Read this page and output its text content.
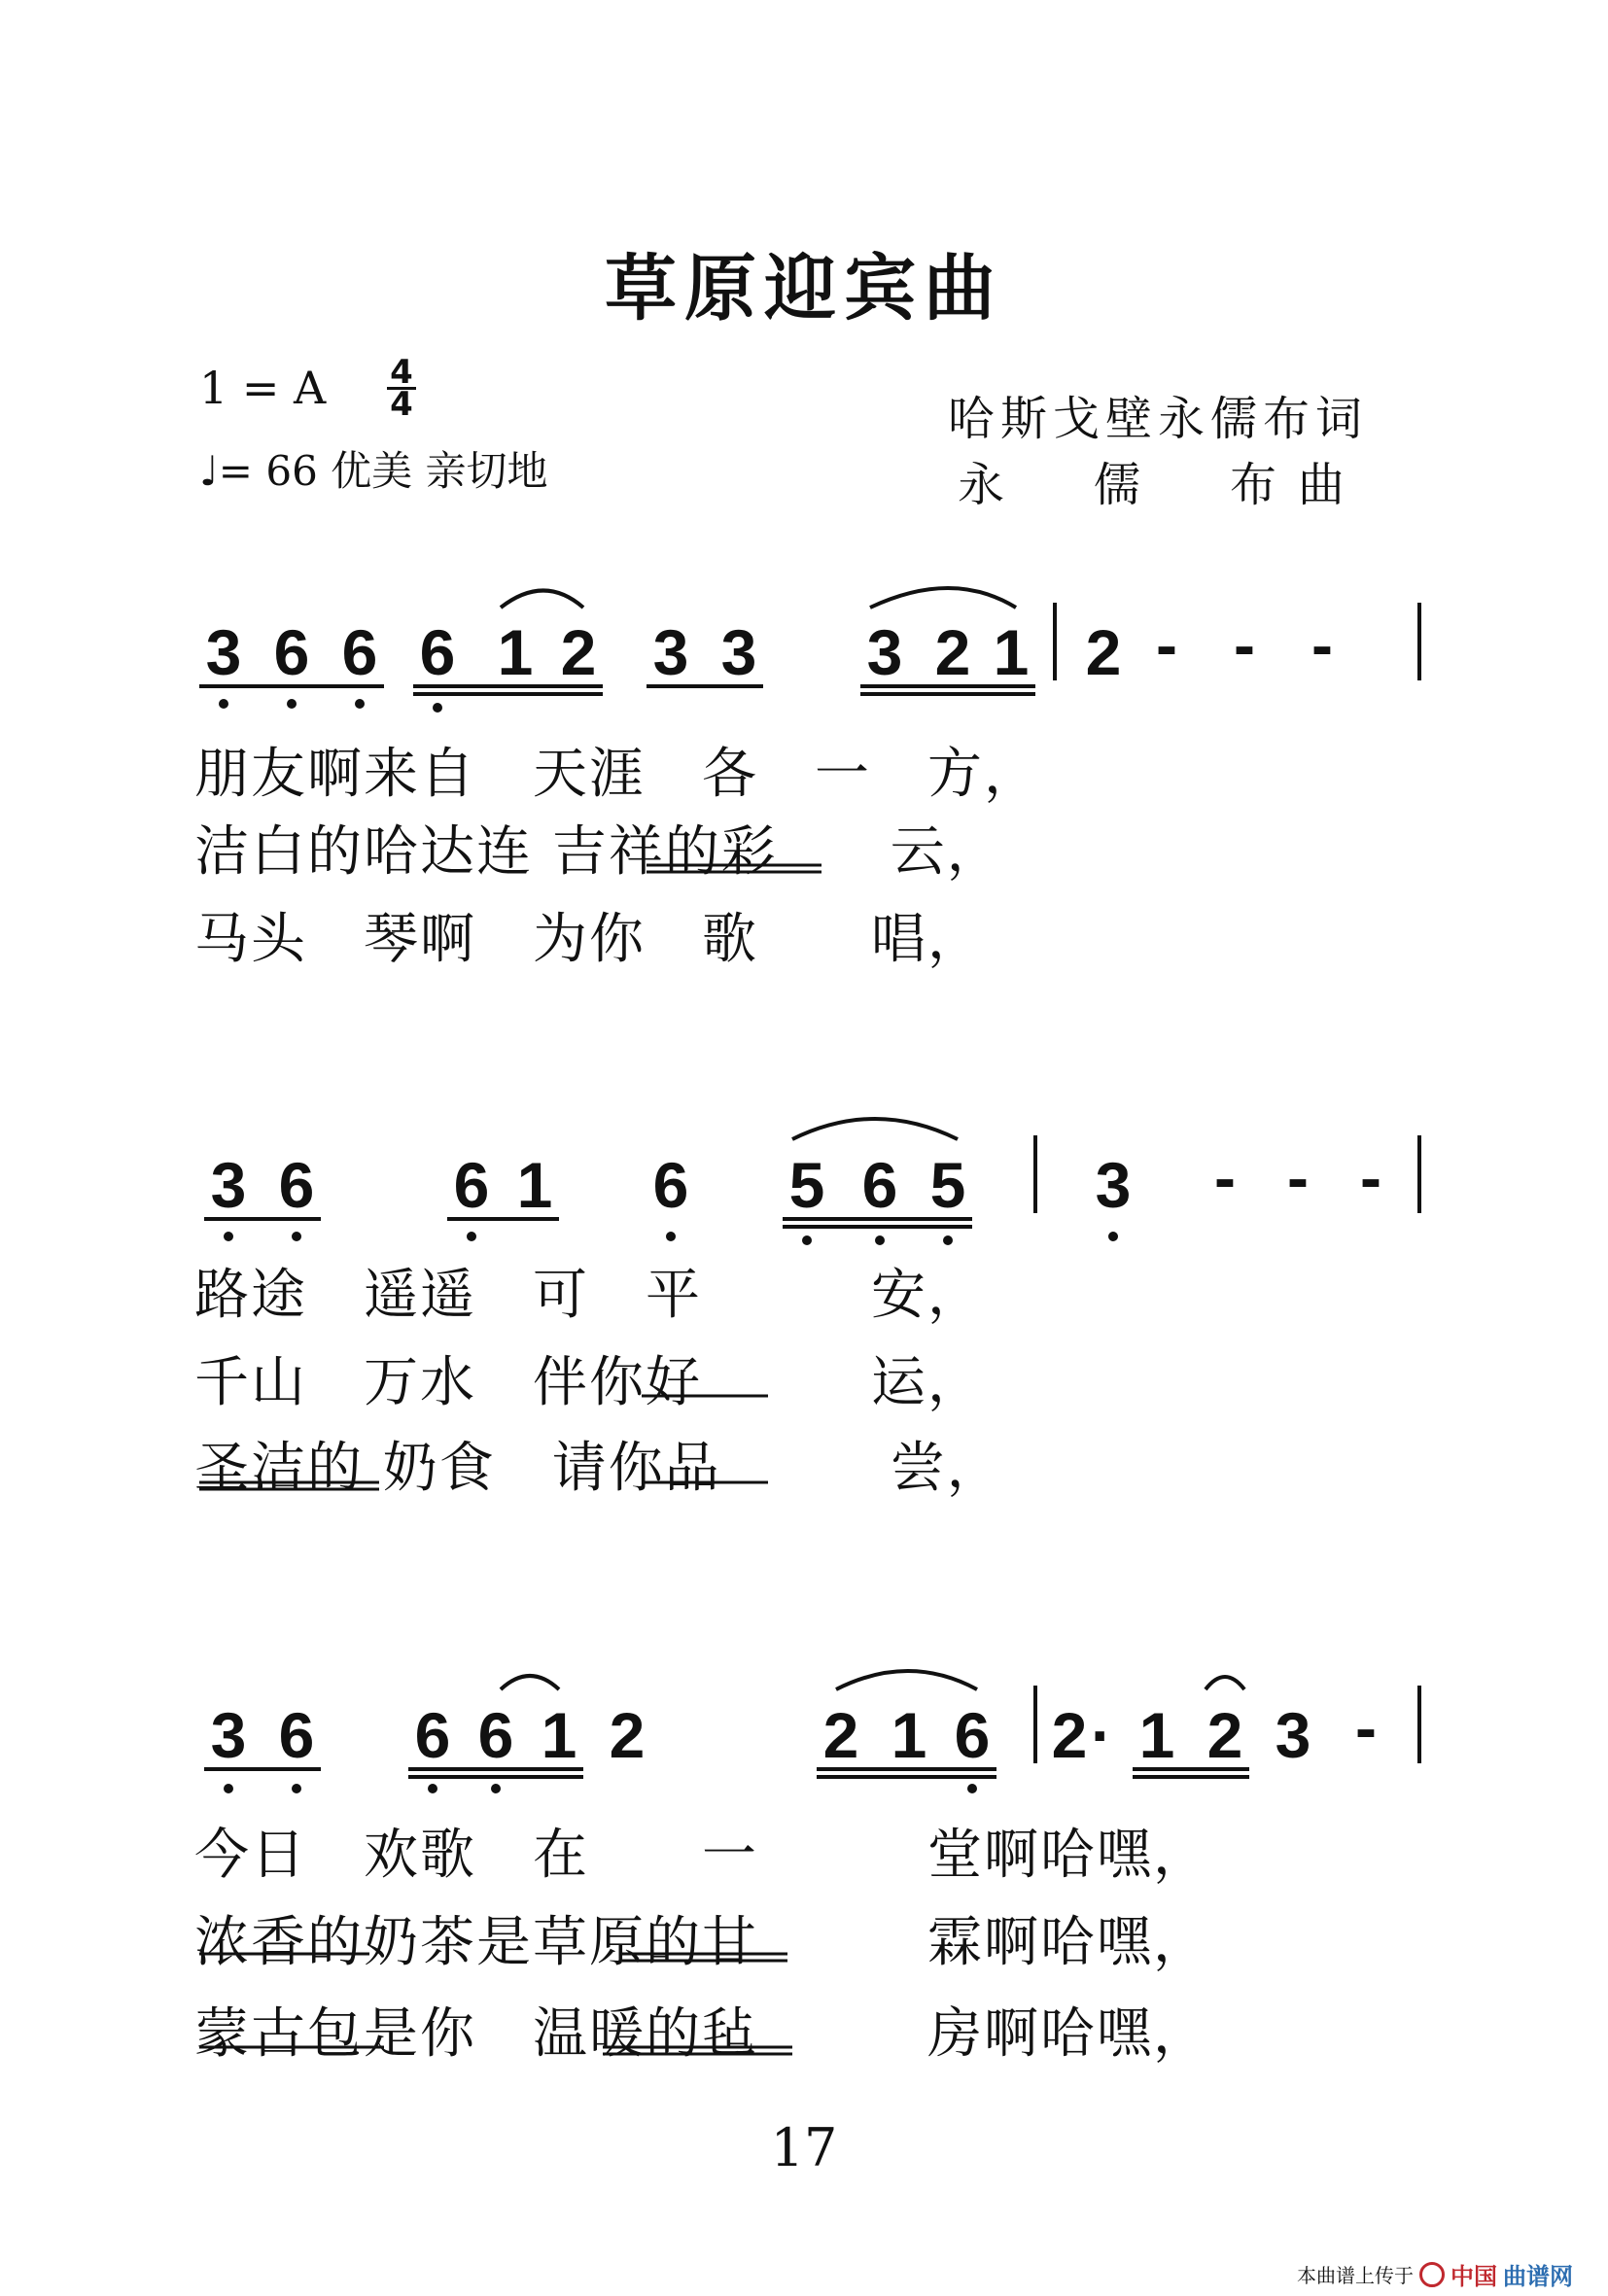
草原迎宾曲
1 = A 4
4
♩= 66 优美 亲切地
哈斯戈壁永儒布词
永　儒　布曲
3 6 6 6 1 2 3 3 3 2 1 2 - - -
朋友啊来自　天涯　各　一　方，
洁白的哈达连 吉祥的彩　　云，
马头　琴啊　为你　歌　　唱，
3 6 6 1 6 5 6 5 3 - - -
路途　遥遥　可　平　　　安，
千山　万水　伴你好　　　运，
圣洁的 奶食　请你品　　　尝，
3 6 6 6 1 2	2 1 6 2 · 1 2 3 -
今日　欢歌　在　　一　　　堂啊哈嘿，
浓香的奶茶是草原的甘　　　霖啊哈嘿，
蒙古包是你　温暖的毡　　　房啊哈嘿，
17
本曲谱上传于 中国 曲谱网
